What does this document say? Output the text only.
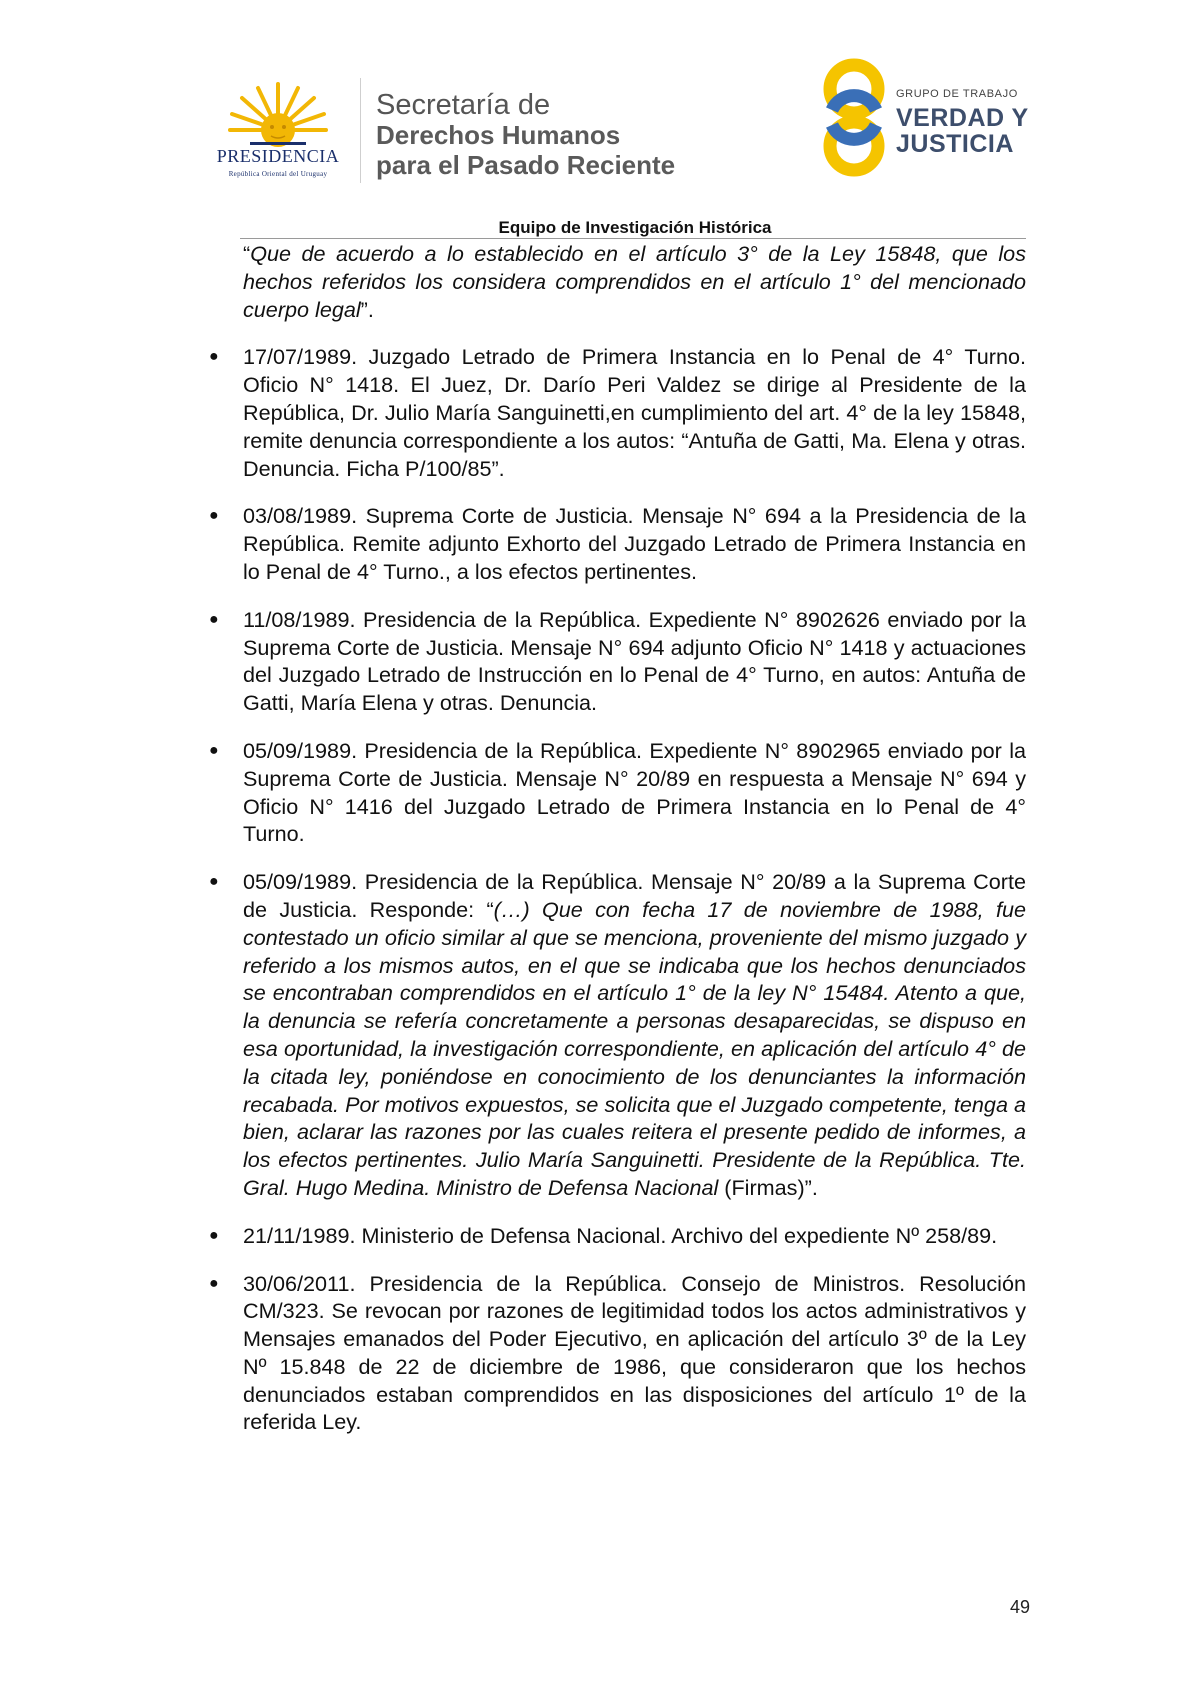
PRESIDENCIA
República Oriental del Uruguay
Secretaría de
Derechos Humanos
para el Pasado Reciente
GRUPO DE TRABAJO
VERDAD Y
JUSTICIA
Equipo de Investigación Histórica

“Que de acuerdo a lo establecido en el artículo 3° de la Ley 15848, que los hechos referidos los considera comprendidos en el artículo 1° del mencionado cuerpo legal”.

● 17/07/1989. Juzgado Letrado de Primera Instancia en lo Penal de 4° Turno. Oficio N° 1418. El Juez, Dr. Darío Peri Valdez se dirige al Presidente de la República, Dr. Julio María Sanguinetti,en cumplimiento del art. 4° de la ley 15848, remite denuncia correspondiente a los autos: “Antuña de Gatti, Ma. Elena y otras. Denuncia. Ficha P/100/85”.
● 03/08/1989. Suprema Corte de Justicia. Mensaje N° 694 a la Presidencia de la República. Remite adjunto Exhorto del Juzgado Letrado de Primera Instancia en lo Penal de 4° Turno., a los efectos pertinentes.
● 11/08/1989. Presidencia de la República. Expediente N° 8902626 enviado por la Suprema Corte de Justicia. Mensaje N° 694 adjunto Oficio N° 1418 y actuaciones del Juzgado Letrado de Instrucción en lo Penal de 4° Turno, en autos: Antuña de Gatti, María Elena y otras. Denuncia.
● 05/09/1989. Presidencia de la República. Expediente N° 8902965 enviado por la Suprema Corte de Justicia. Mensaje N° 20/89 en respuesta a Mensaje N° 694 y Oficio N° 1416 del Juzgado Letrado de Primera Instancia en lo Penal de 4° Turno.
● 05/09/1989. Presidencia de la República. Mensaje N° 20/89 a la Suprema Corte de Justicia. Responde: “(…) Que con fecha 17 de noviembre de 1988, fue contestado un oficio similar al que se menciona, proveniente del mismo juzgado y referido a los mismos autos, en el que se indicaba que los hechos denunciados se encontraban comprendidos en el artículo 1° de la ley N° 15484. Atento a que, la denuncia se refería concretamente a personas desaparecidas, se dispuso en esa oportunidad, la investigación correspondiente, en aplicación del artículo 4° de la citada ley, poniéndose en conocimiento de los denunciantes la información recabada. Por motivos expuestos, se solicita que el Juzgado competente, tenga a bien, aclarar las razones por las cuales reitera el presente pedido de informes, a los efectos pertinentes. Julio María Sanguinetti. Presidente de la República. Tte. Gral. Hugo Medina. Ministro de Defensa Nacional (Firmas)”.
● 21/11/1989. Ministerio de Defensa Nacional. Archivo del expediente Nº 258/89.
● 30/06/2011. Presidencia de la República. Consejo de Ministros. Resolución CM/323. Se revocan por razones de legitimidad todos los actos administrativos y Mensajes emanados del Poder Ejecutivo, en aplicación del artículo 3º de la Ley Nº 15.848 de 22 de diciembre de 1986, que consideraron que los hechos denunciados estaban comprendidos en las disposiciones del artículo 1º de la referida Ley.
49
